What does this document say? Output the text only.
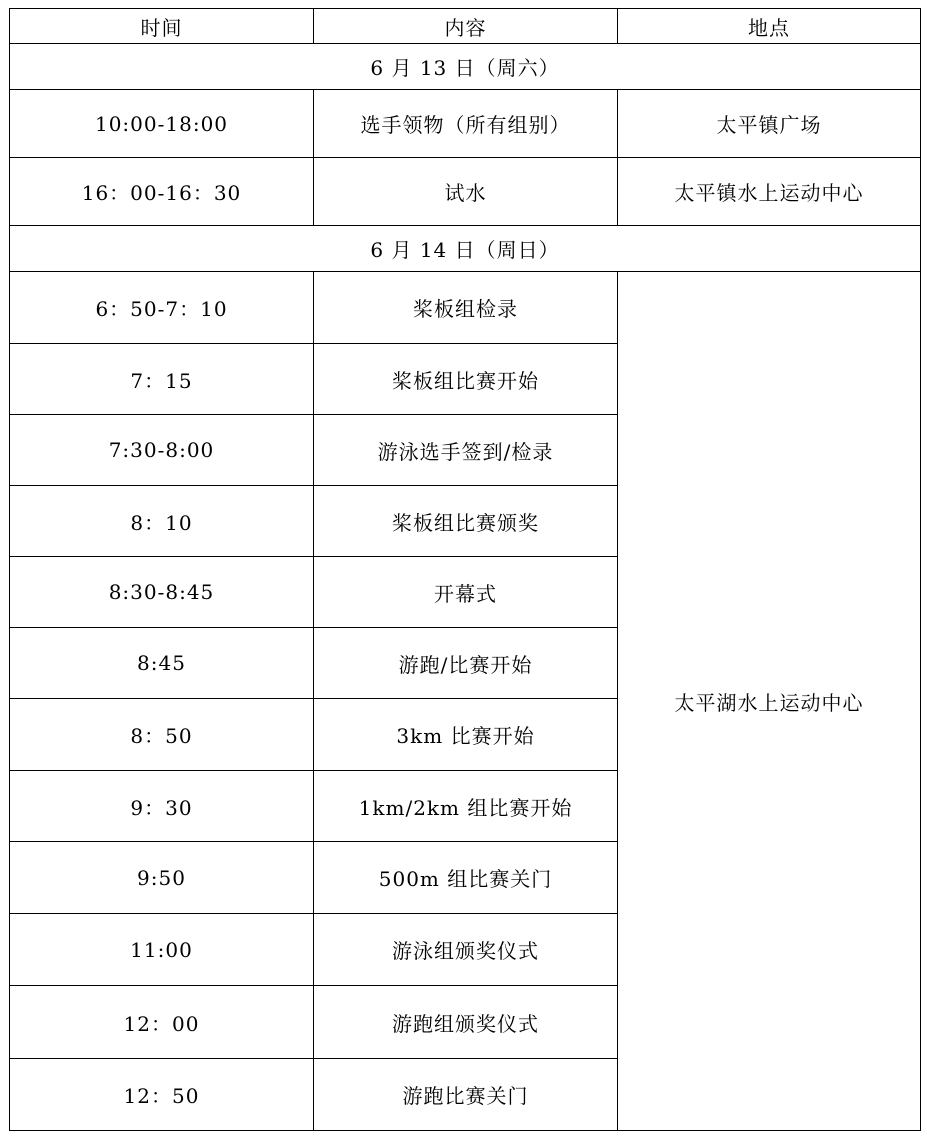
时间	内容	地点
6 月 13 日（周六）		
10:00-18:00	选手领物（所有组别）	太平镇广场
16：00-16：30	试水	太平镇水上运动中心
6 月 14 日（周日）		
6：50-7：10	桨板组检录	太平湖水上运动中心
7：15	桨板组比赛开始	
7:30-8:00	游泳选手签到/检录	
8：10	桨板组比赛颁奖	
8:30-8:45	开幕式	
8:45	游跑/比赛开始	
8：50	3km 比赛开始	
9：30	1km/2km 组比赛开始	
9:50	500m 组比赛关门	
11:00	游泳组颁奖仪式	
12：00	游跑组颁奖仪式	
12：50	游跑比赛关门	
